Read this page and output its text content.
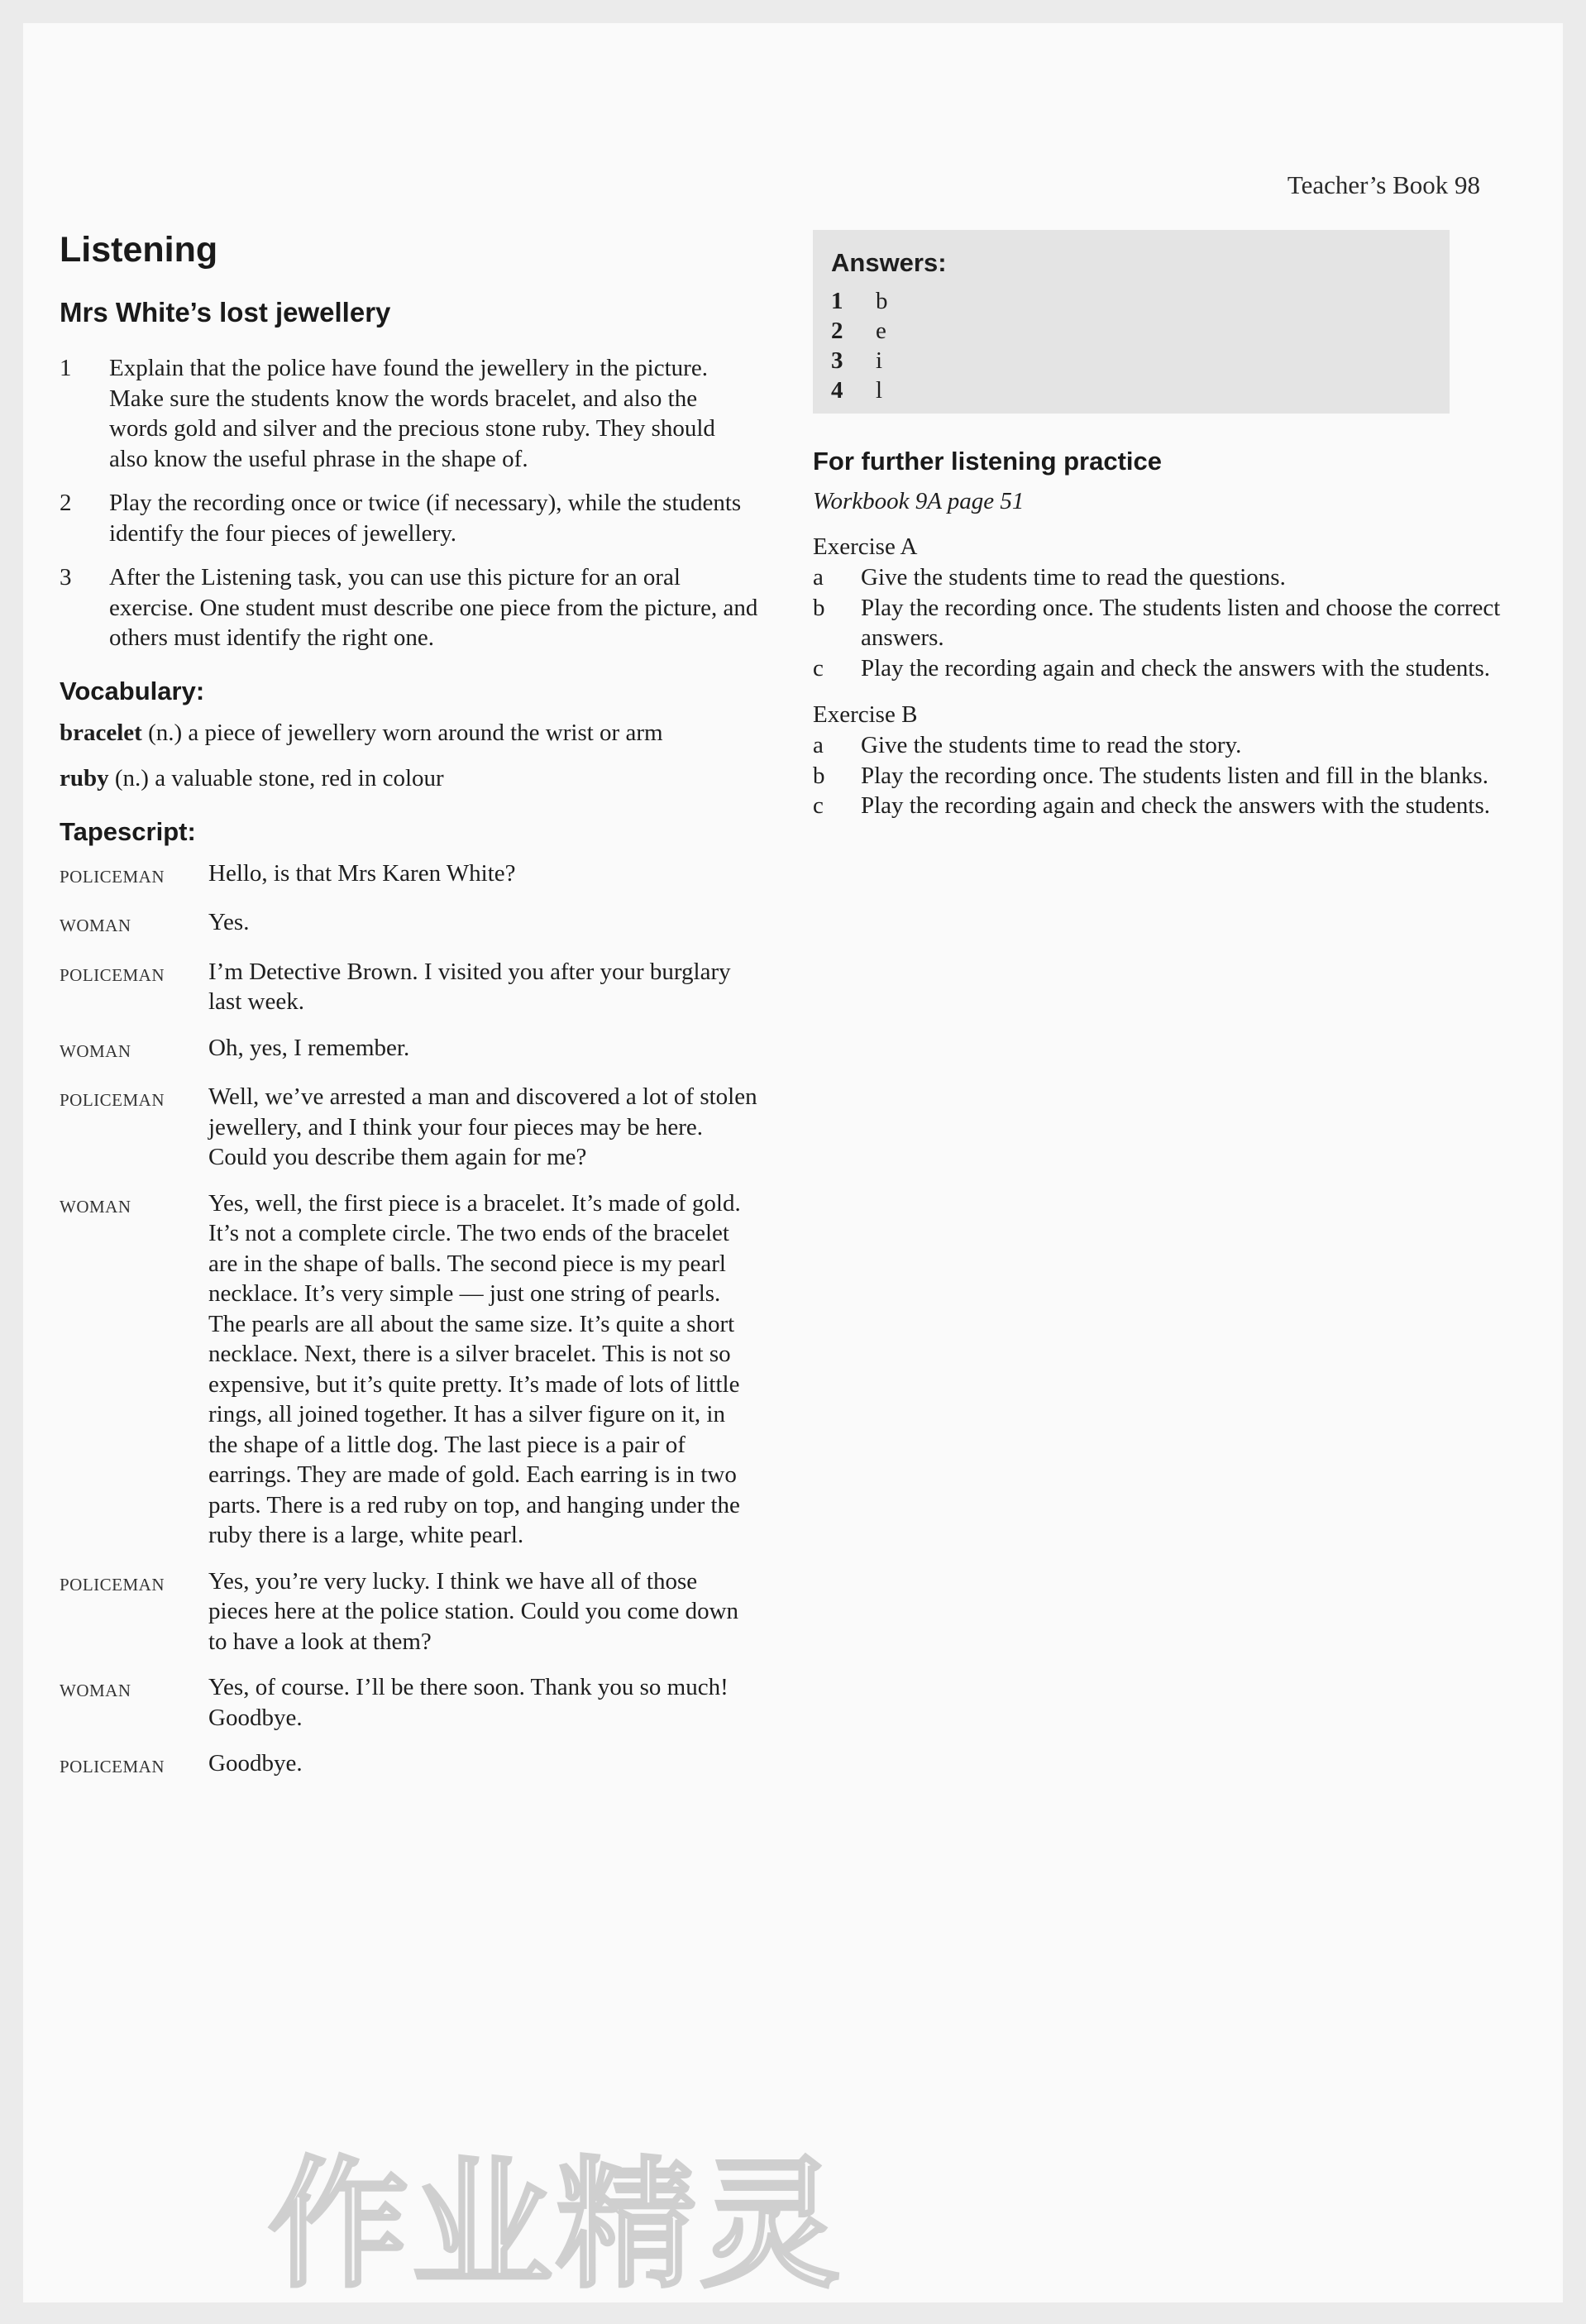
Teacher’s Book 98
Listening
Mrs White’s lost jewellery
1	Explain that the police have found the jewellery in the picture. Make sure the students know the words bracelet, and also the words gold and silver and the precious stone ruby. They should also know the useful phrase in the shape of.
2	Play the recording once or twice (if necessary), while the students identify the four pieces of jewellery.
3	After the Listening task, you can use this picture for an oral exercise. One student must describe one piece from the picture, and others must identify the right one.
Vocabulary:
bracelet (n.) a piece of jewellery worn around the wrist or arm
ruby (n.) a valuable stone, red in colour
Tapescript:
POLICEMAN	Hello, is that Mrs Karen White?
WOMAN	Yes.
POLICEMAN	I’m Detective Brown. I visited you after your burglary last week.
WOMAN	Oh, yes, I remember.
POLICEMAN	Well, we’ve arrested a man and discovered a lot of stolen jewellery, and I think your four pieces may be here. Could you describe them again for me?
WOMAN	Yes, well, the first piece is a bracelet. It’s made of gold. It’s not a complete circle. The two ends of the bracelet are in the shape of balls. The second piece is my pearl necklace. It’s very simple — just one string of pearls. The pearls are all about the same size. It’s quite a short necklace. Next, there is a silver bracelet. This is not so expensive, but it’s quite pretty. It’s made of lots of little rings, all joined together. It has a silver figure on it, in the shape of a little dog. The last piece is a pair of earrings. They are made of gold. Each earring is in two parts. There is a red ruby on top, and hanging under the ruby there is a large, white pearl.
POLICEMAN	Yes, you’re very lucky. I think we have all of those pieces here at the police station. Could you come down to have a look at them?
WOMAN	Yes, of course. I’ll be there soon. Thank you so much! Goodbye.
POLICEMAN	Goodbye.
Answers:
1	b
2	e
3	i
4	l
For further listening practice
Workbook 9A page 51
Exercise A
a	Give the students time to read the questions.
b	Play the recording once. The students listen and choose the correct answers.
c	Play the recording again and check the answers with the students.
Exercise B
a	Give the students time to read the story.
b	Play the recording once. The students listen and fill in the blanks.
c	Play the recording again and check the answers with the students.
作业精灵
